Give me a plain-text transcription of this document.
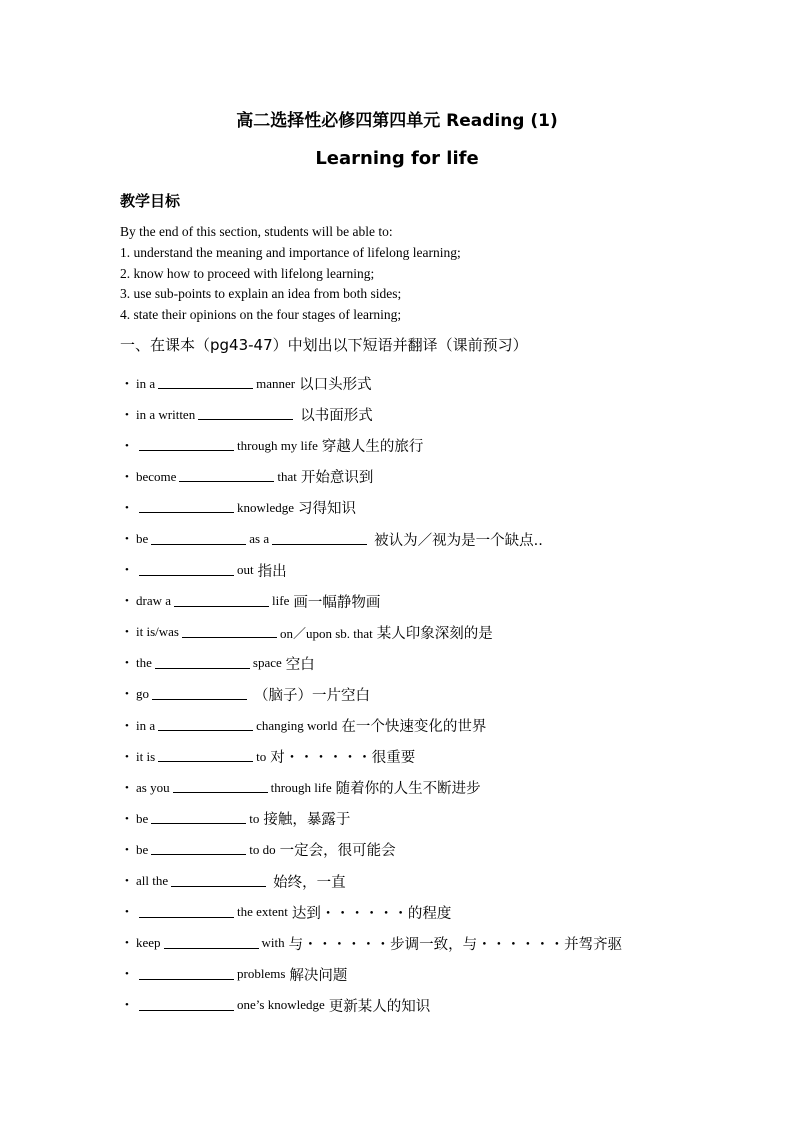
高二选择性必修四第四单元 Reading (1)
Learning for life
教学目标
By the end of this section, students will be able to:
1. understand the meaning and importance of lifelong learning;
2. know how to proceed with lifelong learning;
3. use sub-points to explain an idea from both sides;
4. state their opinions on the four stages of learning;
一、在课本（pg43-47）中划出以下短语并翻译（课前预习）
• in a	manner 以口头形式
• in a written	以书面形式
•	through my life 穿越人生的旅行
• become	that 开始意识到
•	knowledge 习得知识
• be	as a	被认为／视为是一个缺点..
•	out 指出
• draw a	life 画一幅静物画
• it is/was	on／upon sb. that 某人印象深刻的是
• the	space 空白
• go	（脑子）一片空白
• in a	changing world 在一个快速变化的世界
• it is	to 对・・・・・・很重要
• as you	through life 随着你的人生不断进步
• be	to 接触，暴露于
• be	to do 一定会，很可能会
• all the	始终，一直
•	the extent 达到・・・・・・的程度
• keep	with 与・・・・・・步调一致，与・・・・・・并驾齐驱
•	problems 解决问题
•	one’s knowledge 更新某人的知识
